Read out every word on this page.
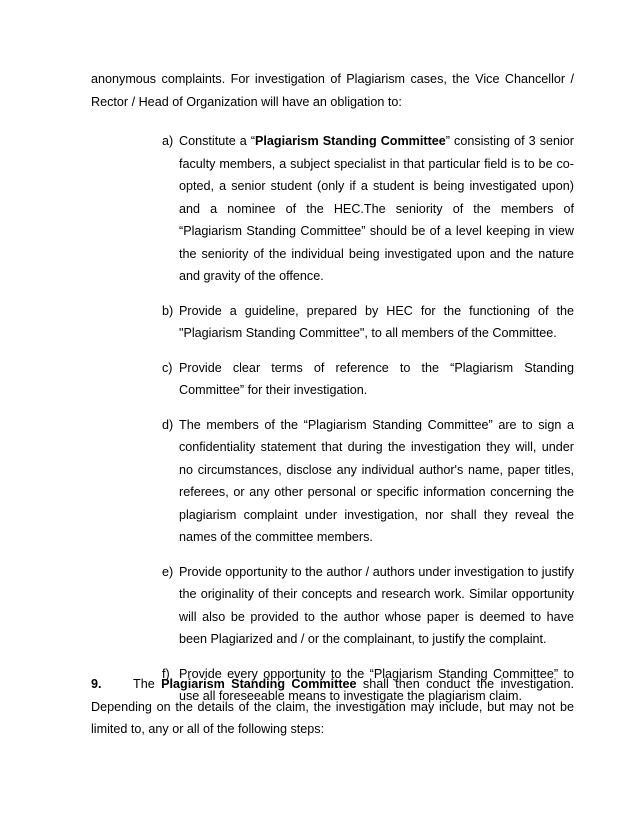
anonymous complaints. For investigation of Plagiarism cases, the Vice Chancellor / Rector / Head of Organization will have an obligation to:

a) Constitute a “Plagiarism Standing Committee” consisting of 3 senior faculty members, a subject specialist in that particular field is to be co-opted, a senior student (only if a student is being investigated upon) and a nominee of the HEC.The seniority of the members of “Plagiarism Standing Committee” should be of a level keeping in view the seniority of the individual being investigated upon and the nature and gravity of the offence.
b) Provide a guideline, prepared by HEC for the functioning of the "Plagiarism Standing Committee", to all members of the Committee.
c) Provide clear terms of reference to the “Plagiarism Standing Committee” for their investigation.
d) The members of the “Plagiarism Standing Committee” are to sign a confidentiality statement that during the investigation they will, under no circumstances, disclose any individual author's name, paper titles, referees, or any other personal or specific information concerning the plagiarism complaint under investigation, nor shall they reveal the names of the committee members.
e) Provide opportunity to the author / authors under investigation to justify the originality of their concepts and research work. Similar opportunity will also be provided to the author whose paper is deemed to have been Plagiarized and / or the complainant, to justify the complaint.
f) Provide every opportunity to the “Plagiarism Standing Committee” to use all foreseeable means to investigate the plagiarism claim.

9. The Plagiarism Standing Committee shall then conduct the investigation. Depending on the details of the claim, the investigation may include, but may not be limited to, any or all of the following steps:
